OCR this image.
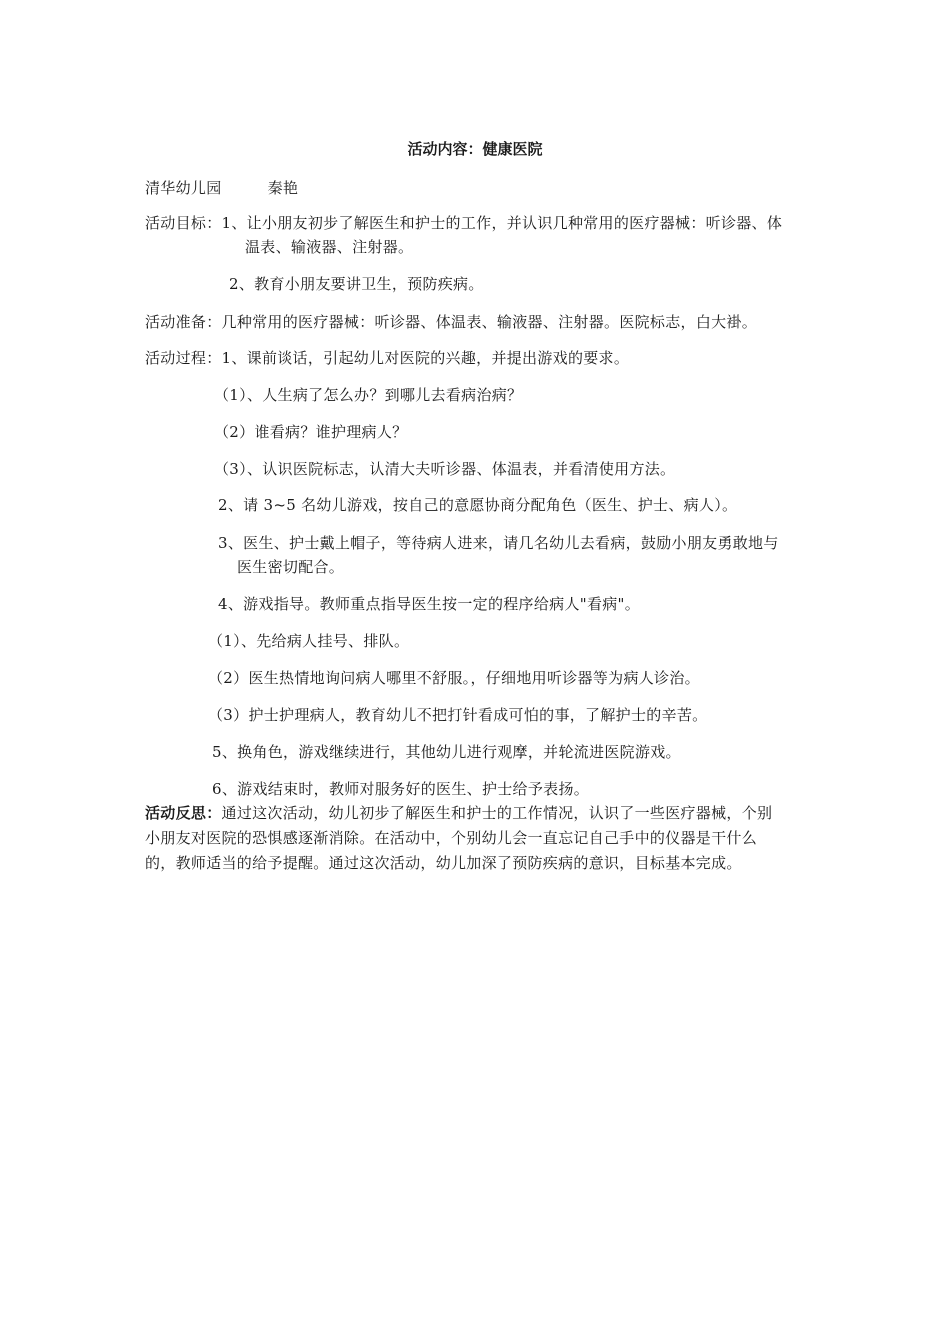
活动内容：健康医院
清华幼儿园	秦艳
活动目标：1、让小朋友初步了解医生和护士的工作，并认识几种常用的医疗器械：听诊器、体
温表、输液器、注射器。
2、教育小朋友要讲卫生，预防疾病。
活动准备：几种常用的医疗器械：听诊器、体温表、输液器、注射器。医院标志，白大褂。
活动过程：1、课前谈话，引起幼儿对医院的兴趣，并提出游戏的要求。
（1）、人生病了怎么办？到哪儿去看病治病？
（2）谁看病？谁护理病人？
（3）、认识医院标志，认清大夫听诊器、体温表，并看清使用方法。
2、请 3~5 名幼儿游戏，按自己的意愿协商分配角色（医生、护士、病人）。
3、医生、护士戴上帽子，等待病人进来，请几名幼儿去看病，鼓励小朋友勇敢地与
医生密切配合。
4、游戏指导。教师重点指导医生按一定的程序给病人"看病"。
（1）、先给病人挂号、排队。
（2）医生热情地询问病人哪里不舒服。，仔细地用听诊器等为病人诊治。
（3）护士护理病人，教育幼儿不把打针看成可怕的事，了解护士的辛苦。
5、换角色，游戏继续进行，其他幼儿进行观摩，并轮流进医院游戏。
6、游戏结束时，教师对服务好的医生、护士给予表扬。
活动反思：通过这次活动，幼儿初步了解医生和护士的工作情况，认识了一些医疗器械，个别
小朋友对医院的恐惧感逐渐消除。在活动中，个别幼儿会一直忘记自己手中的仪器是干什么
的，教师适当的给予提醒。通过这次活动，幼儿加深了预防疾病的意识，目标基本完成。
